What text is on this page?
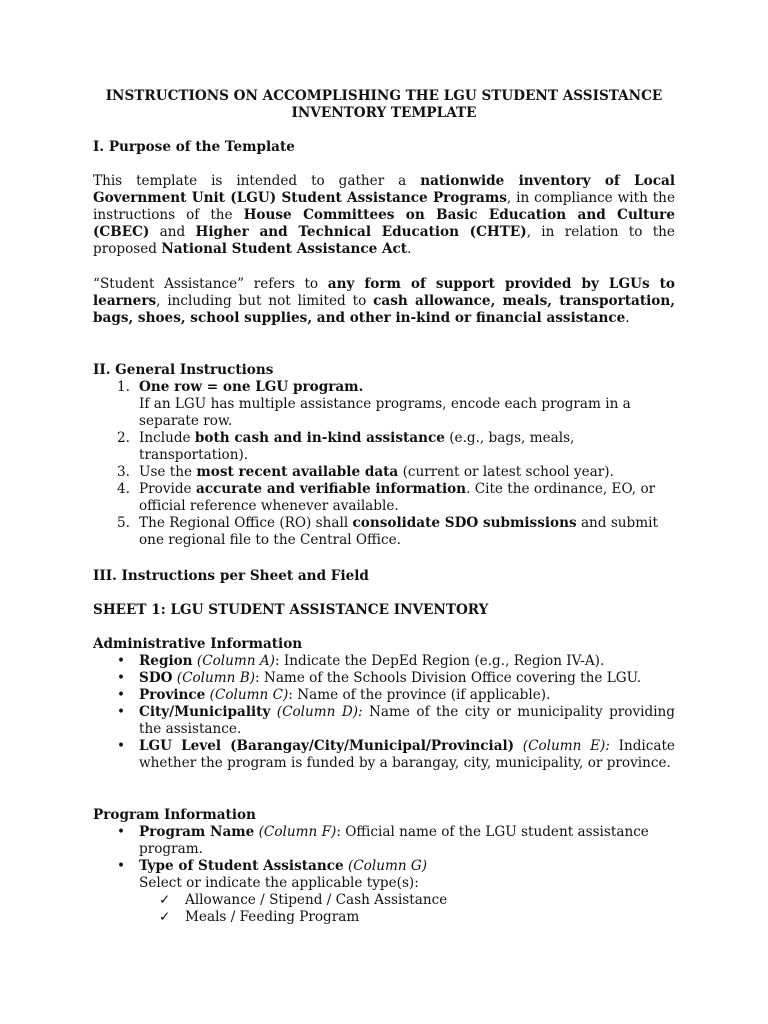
INSTRUCTIONS ON ACCOMPLISHING THE LGU STUDENT ASSISTANCE
INVENTORY TEMPLATE
I. Purpose of the Template
This template is intended to gather a nationwide inventory of Local Government Unit (LGU) Student Assistance Programs, in compliance with the instructions of the House Committees on Basic Education and Culture (CBEC) and Higher and Technical Education (CHTE), in relation to the proposed National Student Assistance Act.
“Student Assistance” refers to any form of support provided by LGUs to learners, including but not limited to cash allowance, meals, transportation, bags, shoes, school supplies, and other in-kind or financial assistance.
II. General Instructions
1. One row = one LGU program.
If an LGU has multiple assistance programs, encode each program in a separate row.
2. Include both cash and in-kind assistance (e.g., bags, meals, transportation).
3. Use the most recent available data (current or latest school year).
4. Provide accurate and verifiable information. Cite the ordinance, EO, or official reference whenever available.
5. The Regional Office (RO) shall consolidate SDO submissions and submit one regional file to the Central Office.
III. Instructions per Sheet and Field
SHEET 1: LGU STUDENT ASSISTANCE INVENTORY
Administrative Information
• Region (Column A): Indicate the DepEd Region (e.g., Region IV-A).
• SDO (Column B): Name of the Schools Division Office covering the LGU.
• Province (Column C): Name of the province (if applicable).
• City/Municipality (Column D): Name of the city or municipality providing the assistance.
• LGU Level (Barangay/City/Municipal/Provincial) (Column E): Indicate whether the program is funded by a barangay, city, municipality, or province.
Program Information
• Program Name (Column F): Official name of the LGU student assistance program.
• Type of Student Assistance (Column G)
Select or indicate the applicable type(s):
✓ Allowance / Stipend / Cash Assistance
✓ Meals / Feeding Program
